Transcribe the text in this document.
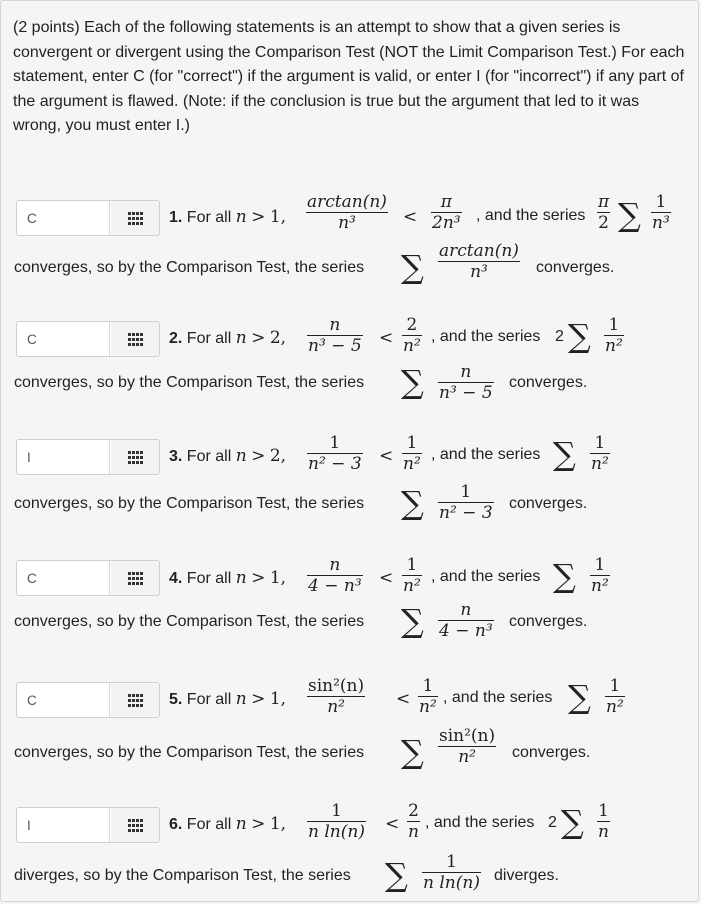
(2 points) Each of the following statements is an attempt to show that a given series is convergent or divergent using the Comparison Test (NOT the Limit Comparison Test.) For each statement, enter C (for "correct") if the argument is valid, or enter I (for "incorrect") if any part of the argument is flawed. (Note: if the conclusion is true but the argument that led to it was wrong, you must enter I.)
C
1. For all n > 1, $\frac{\arctan(n)}{\text{n³}} < \frac{\pi}{\text{2n³}}$ , and the series $\frac{\pi}{2}$ ∑ $\frac{1}{\text{n³}}$
converges, so by the Comparison Test, the series ∑ $\frac{\arctan(n)}{\text{n³}}$ converges.
C
2. For all n > 2, $\frac{n}{\text{n³ − 5}} < \frac{2}{\text{n²}}$ , and the series 2 ∑ $\frac{1}{\text{n²}}$
converges, so by the Comparison Test, the series ∑ $\frac{n}{\text{n³ − 5}}$ converges.
I
3. For all n > 2, $\frac{1}{\text{n² − 3}} < \frac{1}{\text{n²}}$ , and the series ∑ $\frac{1}{\text{n²}}$
converges, so by the Comparison Test, the series ∑ $\frac{1}{\text{n² − 3}}$ converges.
C
4. For all n > 1, $\frac{n}{\text{4 − n³}} < \frac{1}{\text{n²}}$ , and the series ∑ $\frac{1}{\text{n²}}$
converges, so by the Comparison Test, the series ∑ $\frac{n}{\text{4 − n³}}$ converges.
C
5. For all n > 1, $\frac{\text{sin²(n)}}{\text{n²}} < \frac{1}{\text{n²}}$ , and the series ∑ $\frac{1}{\text{n²}}$
converges, so by the Comparison Test, the series ∑ $\frac{\text{sin²(n)}}{\text{n²}}$ converges.
I
6. For all n > 1, $\frac{1}{\text{n ln(n)}} < \frac{2}{n}$ , and the series 2 ∑ $\frac{1}{n}$
diverges, so by the Comparison Test, the series ∑ $\frac{1}{\text{n ln(n)}}$ diverges.
